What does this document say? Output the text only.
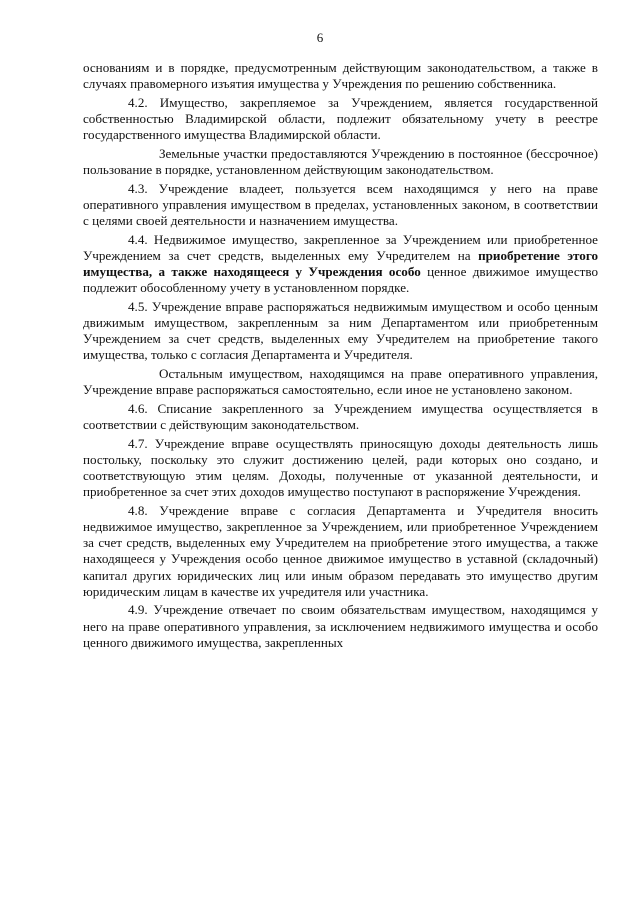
6

основаниям и в порядке, предусмотренным действующим законодательством, а также в случаях правомерного изъятия имущества у Учреждения по решению собственника.

4.2. Имущество, закрепляемое за Учреждением, является государственной собственностью Владимирской области, подлежит обязательному учету в реестре государственного имущества Владимирской области.

Земельные участки предоставляются Учреждению в постоянное (бессрочное) пользование в порядке, установленном действующим законодательством.

4.3. Учреждение владеет, пользуется всем находящимся у него на праве оперативного управления имуществом в пределах, установленных законом, в соответствии с целями своей деятельности и назначением имущества.

4.4. Недвижимое имущество, закрепленное за Учреждением или приобретенное Учреждением за счет средств, выделенных ему Учредителем на приобретение этого имущества, а также находящееся у Учреждения особо ценное движимое имущество подлежит обособленному учету в установленном порядке.

4.5. Учреждение вправе распоряжаться недвижимым имуществом и особо ценным движимым имуществом, закрепленным за ним Департаментом или приобретенным Учреждением за счет средств, выделенных ему Учредителем на приобретение такого имущества, только с согласия Департамента и Учредителя.

Остальным имуществом, находящимся на праве оперативного управления, Учреждение вправе распоряжаться самостоятельно, если иное не установлено законом.

4.6. Списание закрепленного за Учреждением имущества осуществляется в соответствии с действующим законодательством.

4.7. Учреждение вправе осуществлять приносящую доходы деятельность лишь постольку, поскольку это служит достижению целей, ради которых оно создано, и соответствующую этим целям. Доходы, полученные от указанной деятельности, и приобретенное за счет этих доходов имущество поступают в распоряжение Учреждения.

4.8. Учреждение вправе с согласия Департамента и Учредителя вносить недвижимое имущество, закрепленное за Учреждением, или приобретенное Учреждением за счет средств, выделенных ему Учредителем на приобретение этого имущества, а также находящееся у Учреждения особо ценное движимое имущество в уставной (складочный) капитал других юридических лиц или иным образом передавать это имущество другим юридическим лицам в качестве их учредителя или участника.

4.9. Учреждение отвечает по своим обязательствам имуществом, находящимся у него на праве оперативного управления, за исключением недвижимого имущества и особо ценного движимого имущества, закрепленных
